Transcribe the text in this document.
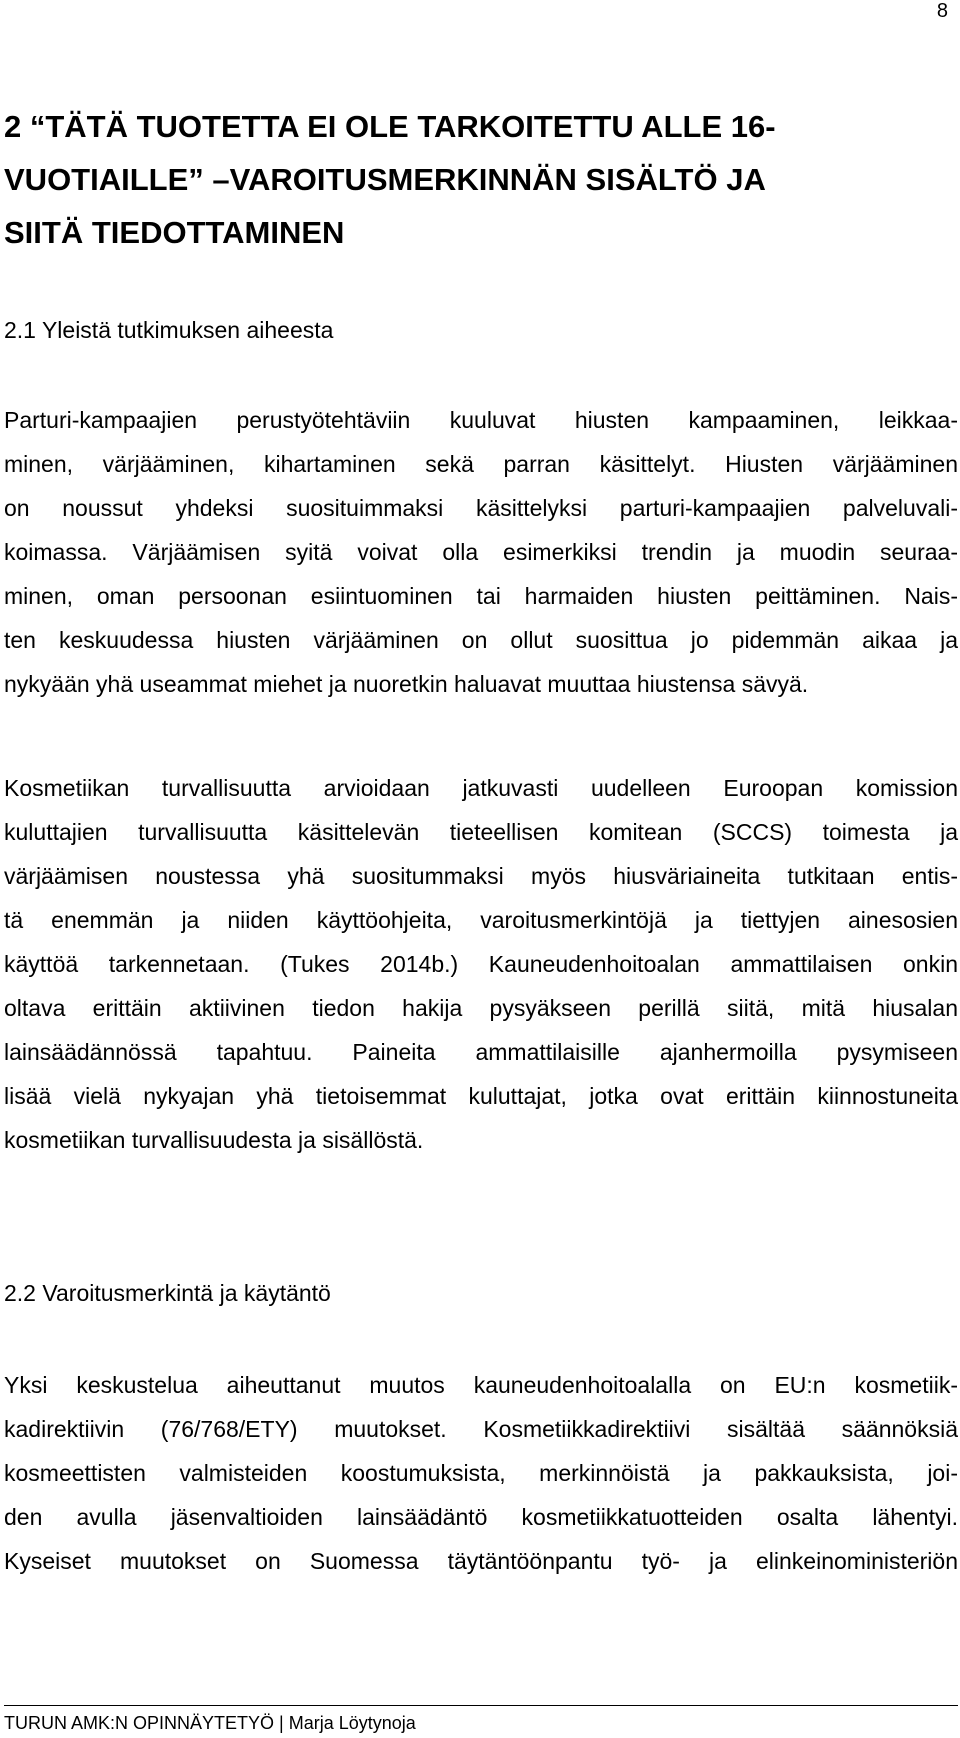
8
2 “TÄTÄ TUOTETTA EI OLE TARKOITETTU ALLE 16-
VUOTIAILLE” –VAROITUSMERKINNÄN SISÄLTÖ JA
SIITÄ TIEDOTTAMINEN
2.1 Yleistä tutkimuksen aiheesta
Parturi-kampaajien perustyötehtäviin kuuluvat hiusten kampaaminen, leikkaa-
minen, värjääminen, kihartaminen sekä parran käsittelyt. Hiusten värjääminen
on noussut yhdeksi suosituimmaksi käsittelyksi parturi-kampaajien palveluvali-
koimassa. Värjäämisen syitä voivat olla esimerkiksi trendin ja muodin seuraa-
minen, oman persoonan esiintuominen tai harmaiden hiusten peittäminen. Nais-
ten keskuudessa hiusten värjääminen on ollut suosittua jo pidemmän aikaa ja
nykyään yhä useammat miehet ja nuoretkin haluavat muuttaa hiustensa sävyä.
Kosmetiikan turvallisuutta arvioidaan jatkuvasti uudelleen Euroopan komission
kuluttajien turvallisuutta käsittelevän tieteellisen komitean (SCCS) toimesta ja
värjäämisen noustessa yhä suositummaksi myös hiusväriaineita tutkitaan entis-
tä enemmän ja niiden käyttöohjeita, varoitusmerkintöjä ja tiettyjen ainesosien
käyttöä tarkennetaan. (Tukes 2014b.) Kauneudenhoitoalan ammattilaisen onkin
oltava erittäin aktiivinen tiedon hakija pysyäkseen perillä siitä, mitä hiusalan
lainsäädännössä tapahtuu. Paineita ammattilaisille ajanhermoilla pysymiseen
lisää vielä nykyajan yhä tietoisemmat kuluttajat, jotka ovat erittäin kiinnostuneita
kosmetiikan turvallisuudesta ja sisällöstä.
2.2 Varoitusmerkintä ja käytäntö
Yksi keskustelua aiheuttanut muutos kauneudenhoitoalalla on EU:n kosmetiik-
kadirektiivin (76/768/ETY) muutokset. Kosmetiikkadirektiivi sisältää säännöksiä
kosmeettisten valmisteiden koostumuksista, merkinnöistä ja pakkauksista, joi-
den avulla jäsenvaltioiden lainsäädäntö kosmetiikkatuotteiden osalta lähentyi.
Kyseiset muutokset on Suomessa täytäntöönpantu työ- ja elinkeinoministeriön
TURUN AMK:N OPINNÄYTETYÖ | Marja Löytynoja
